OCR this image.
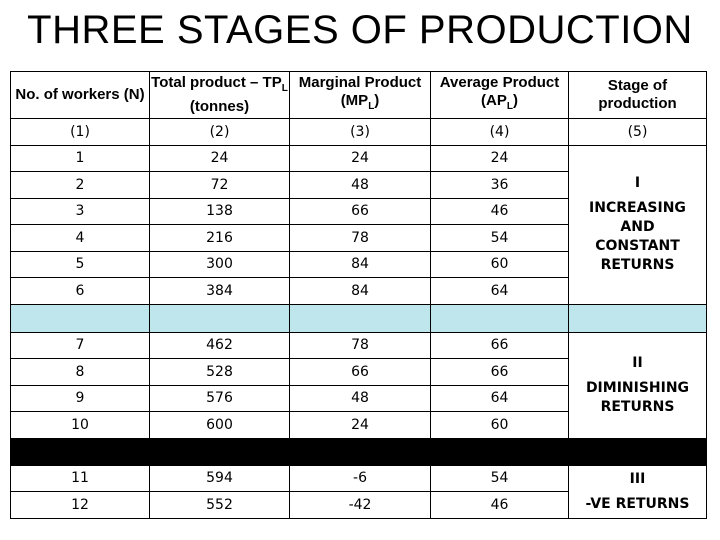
THREE STAGES OF PRODUCTION
No. of workers (N)	Total product – $TP_L$ (tonnes)	Marginal Product $(MP_L)$	Average Product $(AP_L)$	Stage of production
(1)	(2)	(3)	(4)	(5)
1	24	24	24	I
INCREASING AND CONSTANT RETURNS

2	72	48	36	
3	138	66	46	
4	216	78	54	
5	300	84	60	
6	384	84	64	

7	462	78	66	II
DIMINISHING RETURNS

8	528	66	66	
9	576	48	64	
10	600	24	60	

11	594	-6	54	III
-VE RETURNS

12	552	-42	46	
